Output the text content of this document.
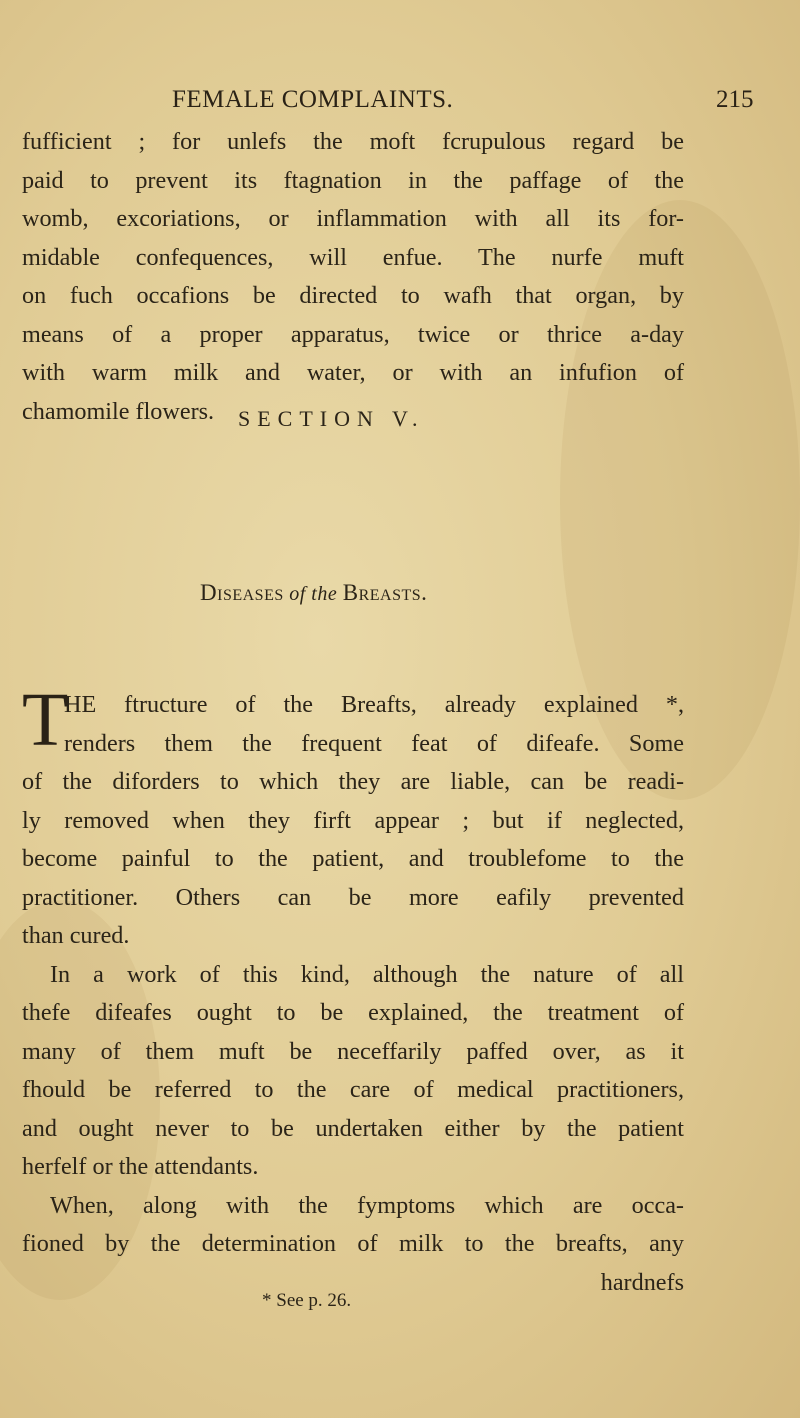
FEMALE COMPLAINTS.	215
fufficient ; for unlefs the moft fcrupulous regard be
paid to prevent its ftagnation in the paffage of the
womb, excoriations, or inflammation with all its for-
midable confequences, will enfue. The nurfe muft
on fuch occafions be directed to wafh that organ, by
means of a proper apparatus, twice or thrice a-day
with warm milk and water, or with an infufion of
chamomile flowers.	SECTION V.
Diseases of the Breasts.
T
HE ftructure of the Breafts, already explained *,
renders them the frequent feat of difeafe. Some
of the diforders to which they are liable, can be readi-
ly removed when they firft appear ; but if neglected,
become painful to the patient, and troublefome to the
practitioner. Others can be more eafily prevented
than cured.
In a work of this kind, although the nature of all
thefe difeafes ought to be explained, the treatment of
many of them muft be neceffarily paffed over, as it
fhould be referred to the care of medical practitioners,
and ought never to be undertaken either by the patient
herfelf or the attendants.
When, along with the fymptoms which are occa-
fioned by the determination of milk to the breafts, any
hardnefs
* See p. 26.
